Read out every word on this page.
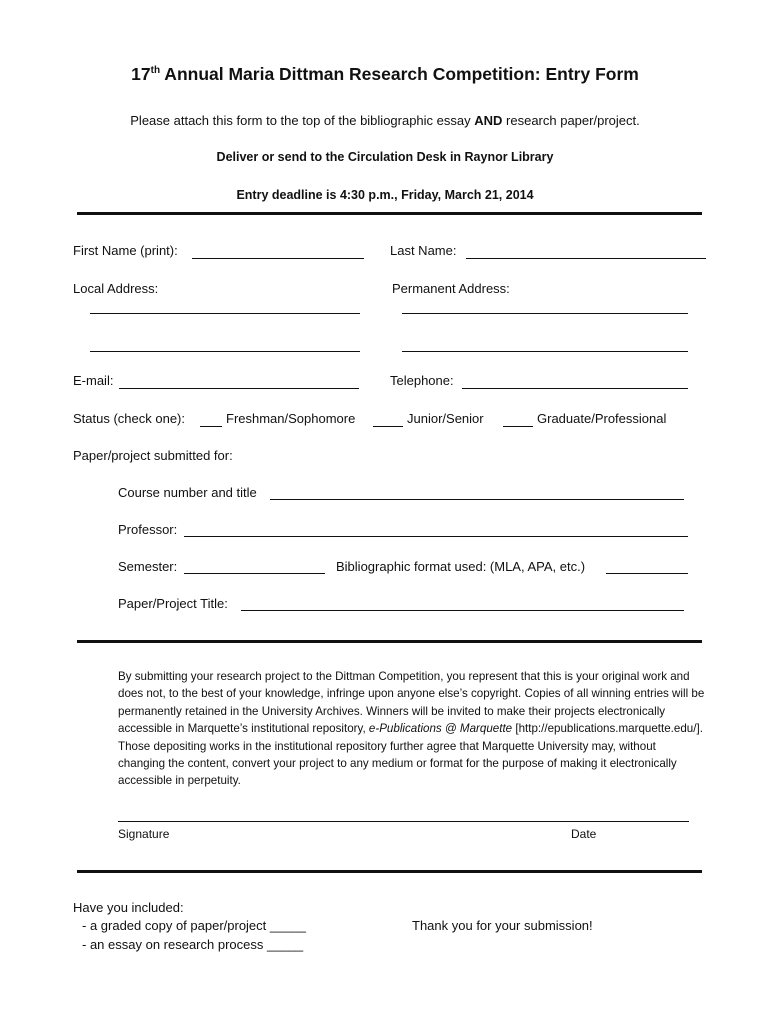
17th Annual Maria Dittman Research Competition: Entry Form
Please attach this form to the top of the bibliographic essay AND research paper/project.
Deliver or send to the Circulation Desk in Raynor Library
Entry deadline is 4:30 p.m., Friday, March 21, 2014
First Name (print):	Last Name:
Local Address:	Permanent Address:
E-mail:	Telephone:
Status (check one):	Freshman/Sophomore	Junior/Senior	Graduate/Professional
Paper/project submitted for:
Course number and title
Professor:
Semester:	Bibliographic format used: (MLA, APA, etc.)
Paper/Project Title:
By submitting your research project to the Dittman Competition, you represent that this is your original work and does not, to the best of your knowledge, infringe upon anyone else’s copyright. Copies of all winning entries will be permanently retained in the University Archives. Winners will be invited to make their projects electronically accessible in Marquette’s institutional repository, e-Publications @ Marquette [http://epublications.marquette.edu/]. Those depositing works in the institutional repository further agree that Marquette University may, without changing the content, convert your project to any medium or format for the purpose of making it electronically accessible in perpetuity.
Signature	Date
Have you included:
- a graded copy of paper/project _____
- an essay on research process _____
Thank you for your submission!
